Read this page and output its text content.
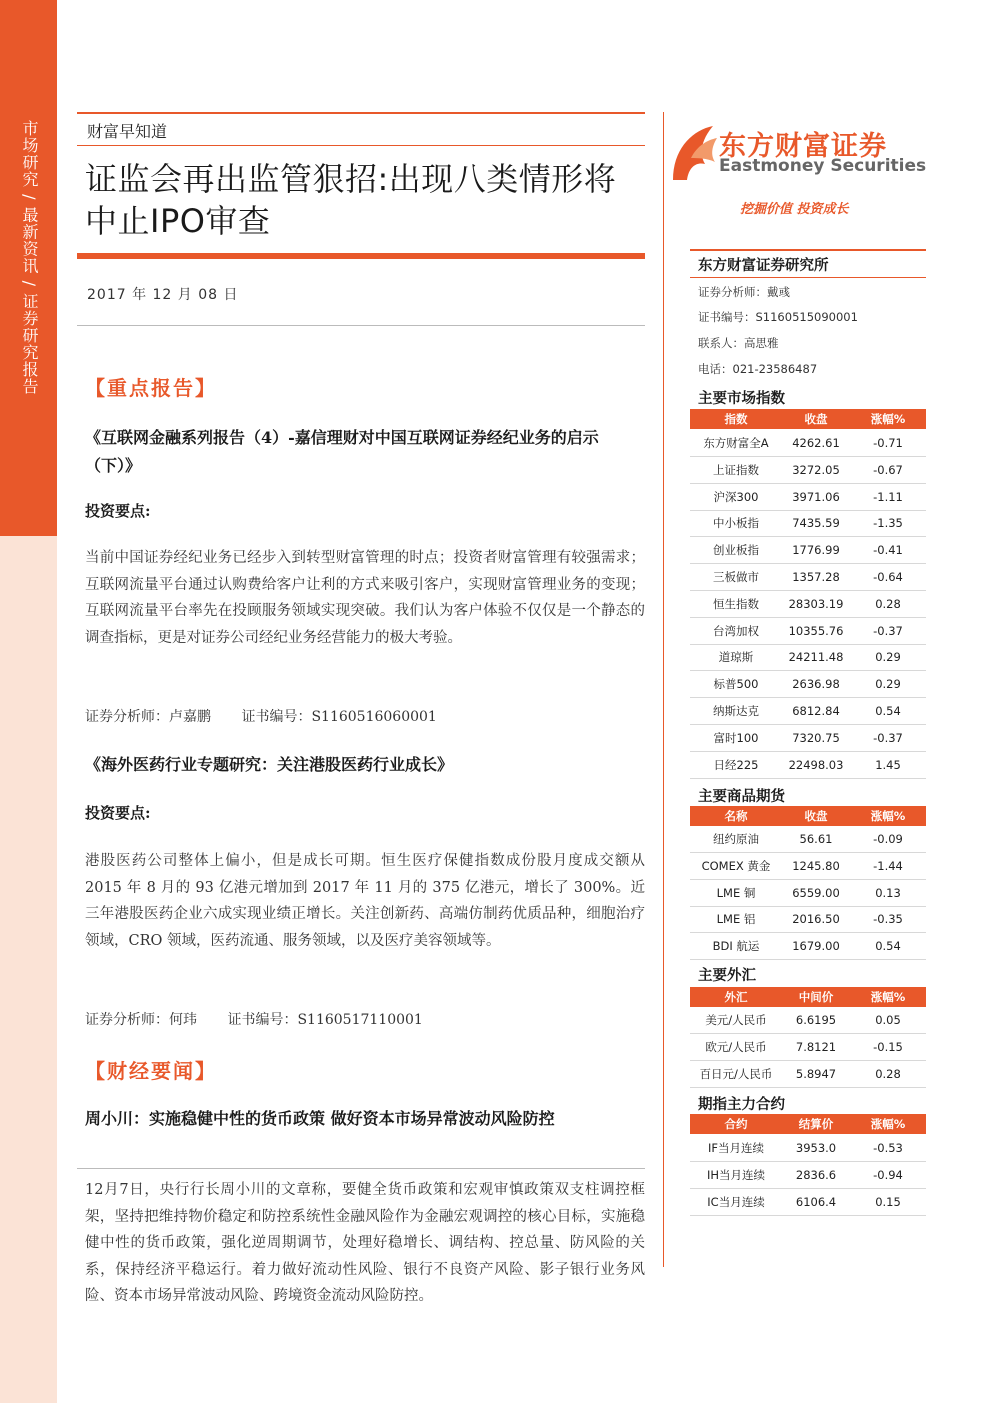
市场研究 / 最新资讯 / 证券研究报告	财富早知道
证监会再出监管狠招:出现八类情形将中止IPO审查
2017 年 12 月 08 日
东方财富证券
Eastmoney Securities
挖掘价值 投资成长
东方财富证券研究所
证券分析师：戴彧
证书编号：S1160515090001
联系人：高思雅
电话：021-23586487
主要市场指数
指数	收盘	涨幅%
东方财富全A	4262.61	-0.71
上证指数	3272.05	-0.67
沪深300	3971.06	-1.11
中小板指	7435.59	-1.35
创业板指	1776.99	-0.41
三板做市	1357.28	-0.64
恒生指数	28303.19	0.28
台湾加权	10355.76	-0.37
道琼斯	24211.48	0.29
标普500	2636.98	0.29
纳斯达克	6812.84	0.54
富时100	7320.75	-0.37
日经225	22498.03	1.45
主要商品期货
名称	收盘	涨幅%
纽约原油	56.61	-0.09
COMEX 黄金	1245.80	-1.44
LME 铜	6559.00	0.13
LME 铝	2016.50	-0.35
BDI 航运	1679.00	0.54
主要外汇
外汇	中间价	涨幅%
美元/人民币	6.6195	0.05
欧元/人民币	7.8121	-0.15
百日元/人民币	5.8947	0.28
期指主力合约
合约	结算价	涨幅%
IF当月连续	3953.0	-0.53
IH当月连续	2836.6	-0.94
IC当月连续	6106.4	0.15
【重点报告】
《互联网金融系列报告（4）-嘉信理财对中国互联网证券经纪业务的启示（下）》
投资要点:
当前中国证券经纪业务已经步入到转型财富管理的时点；投资者财富管理有较强需求；互联网流量平台通过认购费给客户让利的方式来吸引客户，实现财富管理业务的变现；互联网流量平台率先在投顾服务领域实现突破。我们认为客户体验不仅仅是一个静态的调查指标，更是对证券公司经纪业务经营能力的极大考验。
证券分析师：卢嘉鹏 证书编号：S1160516060001
《海外医药行业专题研究：关注港股医药行业成长》
投资要点:
港股医药公司整体上偏小，但是成长可期。恒生医疗保健指数成份股月度成交额从 2015 年 8 月的 93 亿港元增加到 2017 年 11 月的 375 亿港元，增长了 300%。近三年港股医药企业六成实现业绩正增长。关注创新药、高端仿制药优质品种，细胞治疗领域，CRO 领域，医药流通、服务领域，以及医疗美容领域等。
证券分析师：何玮 证书编号：S1160517110001
【财经要闻】
周小川：实施稳健中性的货币政策 做好资本市场异常波动风险防控
12月7日，央行行长周小川的文章称，要健全货币政策和宏观审慎政策双支柱调控框架，坚持把维持物价稳定和防控系统性金融风险作为金融宏观调控的核心目标，实施稳健中性的货币政策，强化逆周期调节，处理好稳增长、调结构、控总量、防风险的关系，保持经济平稳运行。着力做好流动性风险、银行不良资产风险、影子银行业务风险、资本市场异常波动风险、跨境资金流动风险防控。
